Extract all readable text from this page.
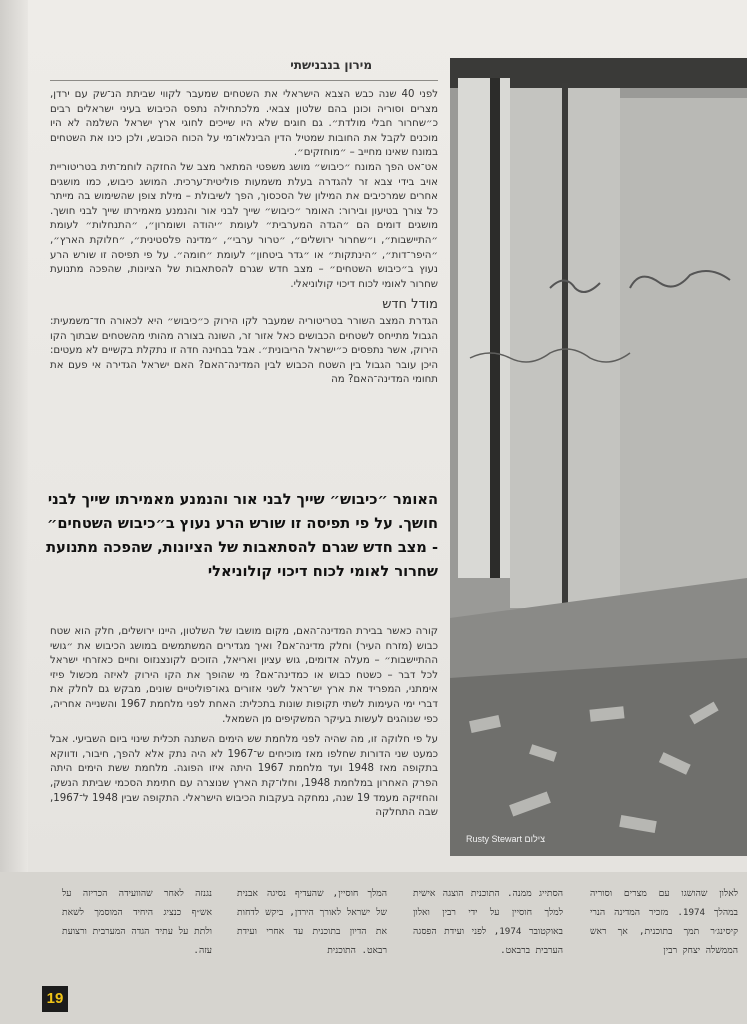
מירון בנבנישתי

לפני 40 שנה כבש הצבא הישראלי את השטחים שמעבר לקווי שביתת הנ־שק עם ירדן, מצרים וסוריה וכונן בהם שלטון צבאי. מלכתחילה נתפס הכיבוש בעיני ישראלים רבים כ״שחרור חבלי מולדת״. גם חוגים שלא היו שייכים לחוגי ארץ ישראל השלמה לא היו מוכנים לקבל את החובות שמטיל הדין הבינלאו־מי על הכוח הכובש, ולכן כינו את השטחים במונח שאינו מחייב – ״מוחזקים״.

אט־אט הפך המונח ״כיבוש״ מושג משפטי המתאר מצב של החזקה לוחמ־תית בטריטוריית אויב בידי צבא זר להגדרה בעלת משמעות פוליטית־ערכית. המושג כיבוש, כמו מושגים אחרים שמרכיבים את המילון של הסכסוך, הפך לשיבולת – מילת צופן שהשימוש בה מייתר כל צורך בטיעון ובירור: האומר ״כיבוש״ שייך לבני אור והנמנע מאמירתו שייך לבני חושך. מושגים דומים הם ״הגדה המערבית״ לעומת ״יהודה ושומרון״, ״התנחלות״ לעומת ״התיישבות״, ו״שחרור ירושלים״, ״טרור ערבי״, ״מדינה פלסטינית״, ״חלוקת הארץ״, ״היפר־דות״, ״הינתקות״ או ״גדר ביטחון״ לעומת ״חומה״. על פי תפיסה זו שורש הרע נעוץ ב״כיבוש השטחים״ – מצב חדש שגרם להסתאבות של הציונות, שהפכה מתנועת שחרור לאומי לכוח דיכוי קולוניאלי.

מודל חדש

הגדרת המצב השורר בטריטוריה שמעבר לקו הירוק כ״כיבוש״ היא לכאורה חד־משמעית: הגבול מתייחס לשטחים הכבושים כאל אזור זר, השונה בצורה מהותי מהשטחים שבתוך הקו הירוק, אשר נתפסים כ״ישראל הריבונית״. אבל בבחינה חדה זו נתקלת בקשיים לא מעטים: היכן עובר הגבול בין השטח הכבוש לבין המדינה־האם? האם ישראל הגדירה אי פעם את תחומי המדינה־האם? מה

האומר ״כיבוש״ שייך לבני אור והנמנע מאמירתו שייך לבני חושך. על פי תפיסה זו שורש הרע נעוץ ב״כיבוש השטחים״ - מצב חדש שגרם להסתאבות של הציונות, שהפכה מתנועת שחרור לאומי לכוח דיכוי קולוניאלי

קורה כאשר בבירת המדינה־האם, מקום מושבו של השלטון, היינו ירושלים, חלק הוא שטח כבוש (מזרח העיר) וחלק מדינה־אם? ואיך מגדירים המשתמשים במושג הכיבוש את ״גושי ההתיישבות״ – מעלה אדומים, גוש עציון ואריאל, הזוכים לקונצנזוס וחיים כאזרחי ישראל לכל דבר – כשטח כבוש או כמדינה־אם? מי שהופך את הקו הירוק לאיזה מכשול פיזי אימתני, המפריד את ארץ יש־ראל לשני אזורים גאו־פוליטיים שונים, מבקש גם לחלק את דברי ימי העימות לשתי תקופות שונות בתכלית: האחת לפני מלחמת 1967 והשנייה אחריה, כפי שנוהגים לעשות בעיקר המשקיפים מן השמאל.

על פי חלוקה זו, מה שהיה לפני מלחמת שש הימים השתנה תכלית שינוי ביום השביעי. אבל כמעט שני הדורות שחלפו מאז מוכיחים ש־1967 לא היה נתק אלא להפך, חיבור, ודווקא בתקופה מאז 1948 ועד מלחמת 1967 היתה איזו הפוגה. מלחמת ששת הימים היתה הפרק האחרון במלחמת 1948, וחלו־קת הארץ שנוצרה עם חתימת הסכמי שביתת הנשק, והחזיקה מעמד 19 שנה, נמחקה בעקבות הכיבוש הישראלי. התקופה שבין 1948 ל־1967, שבה התחלקה

Rusty Stewart צילום
לאלון שהושגו עם מצרים וסוריה במהלך 1974. מזכיר המדינה הנרי קיסינג׳ר תמך בתוכנית, אך ראש הממשלה יצחק רבין
הסתייג ממנה. התוכנית הוצגה אישית למלך חוסיין על ידי רבין ואלון באוקטובר 1974, לפני ועידת הפסגה הערבית ברבאט.
המלך חוסיין, שהעדיף נסיגה אבנית של ישראל לאורך הירדן, ביקש לדחות את הדיון בתוכנית עד אחרי ועידת רבאט. התוכנית
נגנזה לאחר שהוועידה הכריזה על אש״ף כנציג היחיד המוסמך לשאת ולתת על עתיד הגדה המערבית ורצועת עזה.
19
